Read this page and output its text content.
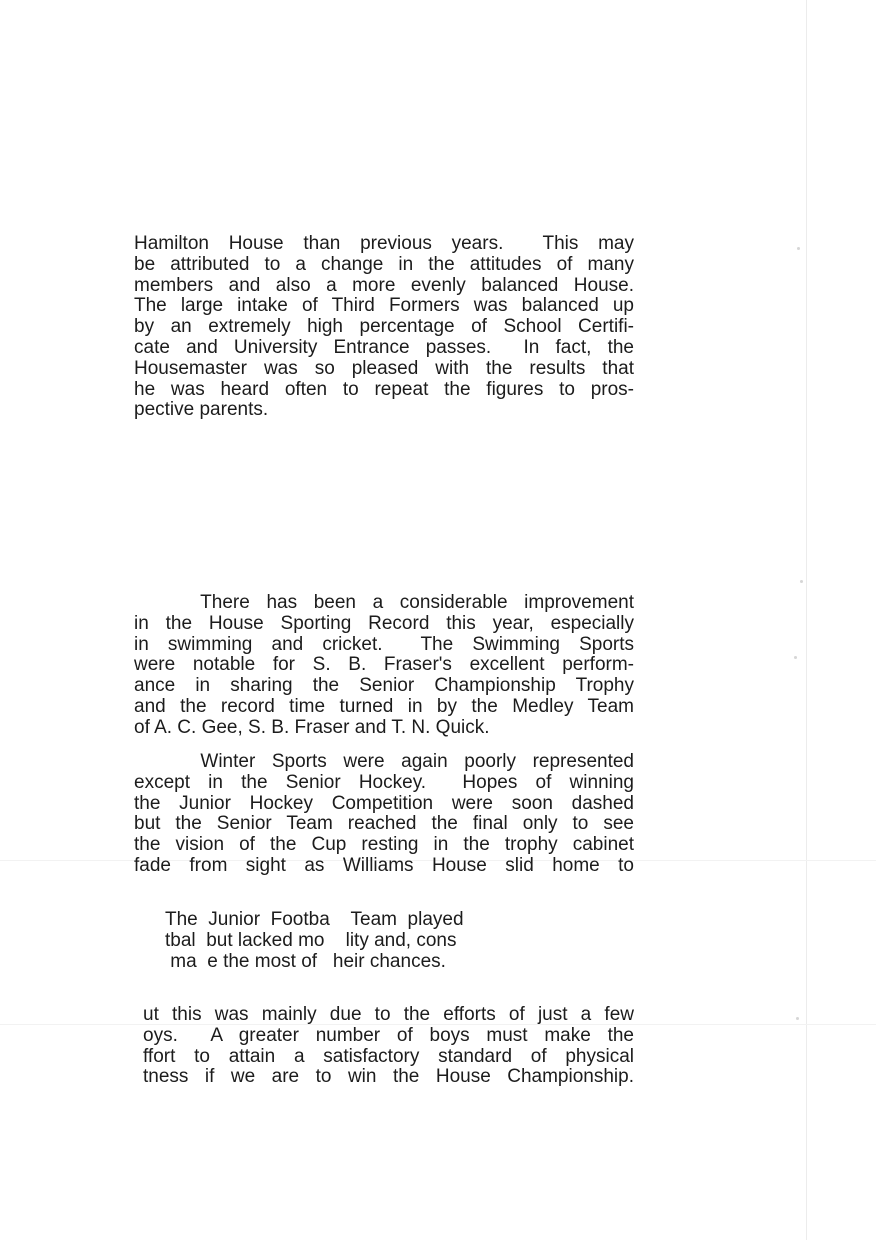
Hamilton House than previous years.  This may
be attributed to a change in the attitudes of many
members and also a more evenly balanced House.
The large intake of Third Formers was balanced up
by an extremely high percentage of School Certifi-
cate and University Entrance passes.  In fact, the
Housemaster was so pleased with the results that
he was heard often to repeat the figures to pros-
pective parents.
There has been a considerable improvement
in the House Sporting Record this year, especially
in swimming and cricket.  The Swimming Sports
were notable for S. B. Fraser's excellent perform-
ance in sharing the Senior Championship Trophy
and the record time turned in by the Medley Team
of A. C. Gee, S. B. Fraser and T. N. Quick.
Winter Sports were again poorly represented
except in the Senior Hockey.  Hopes of winning
the Junior Hockey Competition were soon dashed
but the Senior Team reached the final only to see
the vision of the Cup resting in the trophy cabinet
fade from sight as Williams House slid home to
The  Junior  Footba    Team  played
tbal  but lacked mo    lity and, cons
ma  e the most of   heir chances.
ut this was mainly due to the efforts of just a few
oys.  A greater number of boys must make the
ffort to attain a satisfactory standard of physical
tness if we are to win the House Championship.
